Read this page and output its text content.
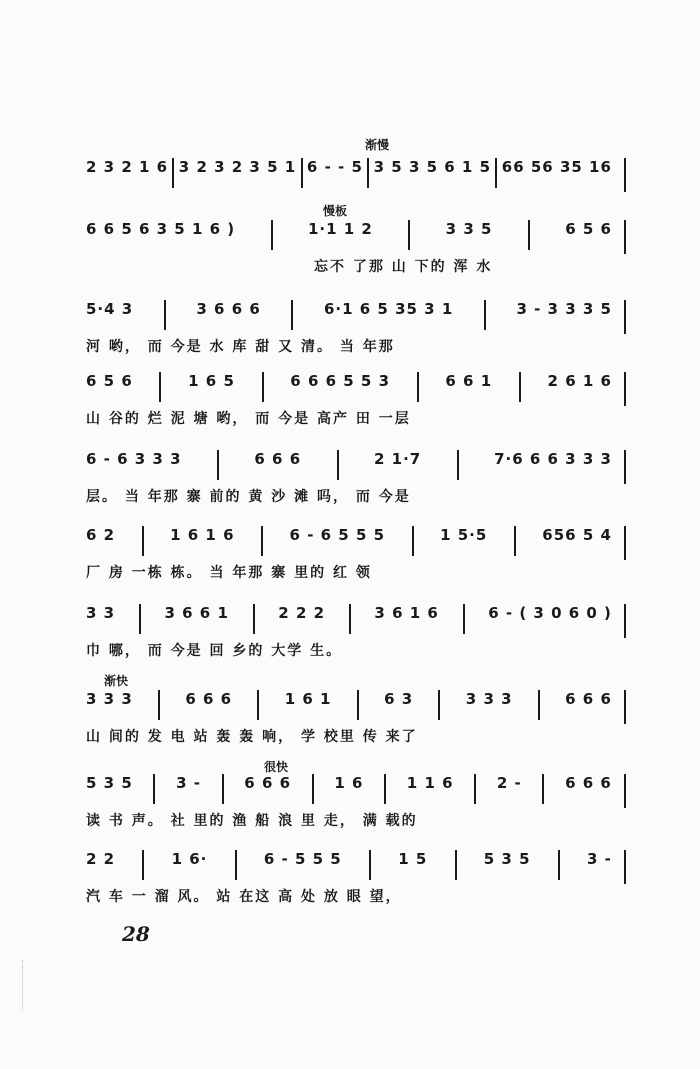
渐慢
慢板
渐快
很快
2 3 2 1 6 3 2 3 2 3 5 1 6 - - 5 3 5 3 5 6 1 5 66 56 35 16
6 6 5 6 3 5 1 6 )	1·1 1 2	3 3 5	6 5 6
忘不 了那 山 下的 浑 水
5·4 3	3 6 6 6	6·1 6 5 35 3 1	3 - 3 3 3 5
河 哟， 而 今是 水 库 甜 又 清。 当 年那
6 5 6	1 6 5	6 6 6 5 5 3	6 6 1	2 6 1 6
山 谷的 烂 泥 塘 哟， 而 今是 高产 田 一层
6 - 6 3 3 3	6 6 6	2 1·7	7·6 6 6 3 3 3
层。 当 年那 寨 前的 黄 沙 滩 吗， 而 今是
6 2	1 6 1 6	6 - 6 5 5 5	1 5·5	656 5 4
厂 房 一栋 栋。 当 年那 寨 里的 红 领
3 3	3 6 6 1	2 2 2	3 6 1 6	6 - ( 3 0 6 0 )
巾 哪， 而 今是 回 乡的 大学 生。
3 3 3	6 6 6	1 6 1	6 3	3 3 3	6 6 6
山 间的 发 电 站 轰 轰 响， 学 校里 传 来了
5 3 5	3 -	6 6 6	1 6	1 1 6	2 -	6 6 6
读 书 声。 社 里的 渔 船 浪 里 走， 满 载的
2 2	1 6·	6 - 5 5 5	1 5	5 3 5	3 -
汽 车 一 溜 风。 站 在这 高 处 放 眼 望，
28
